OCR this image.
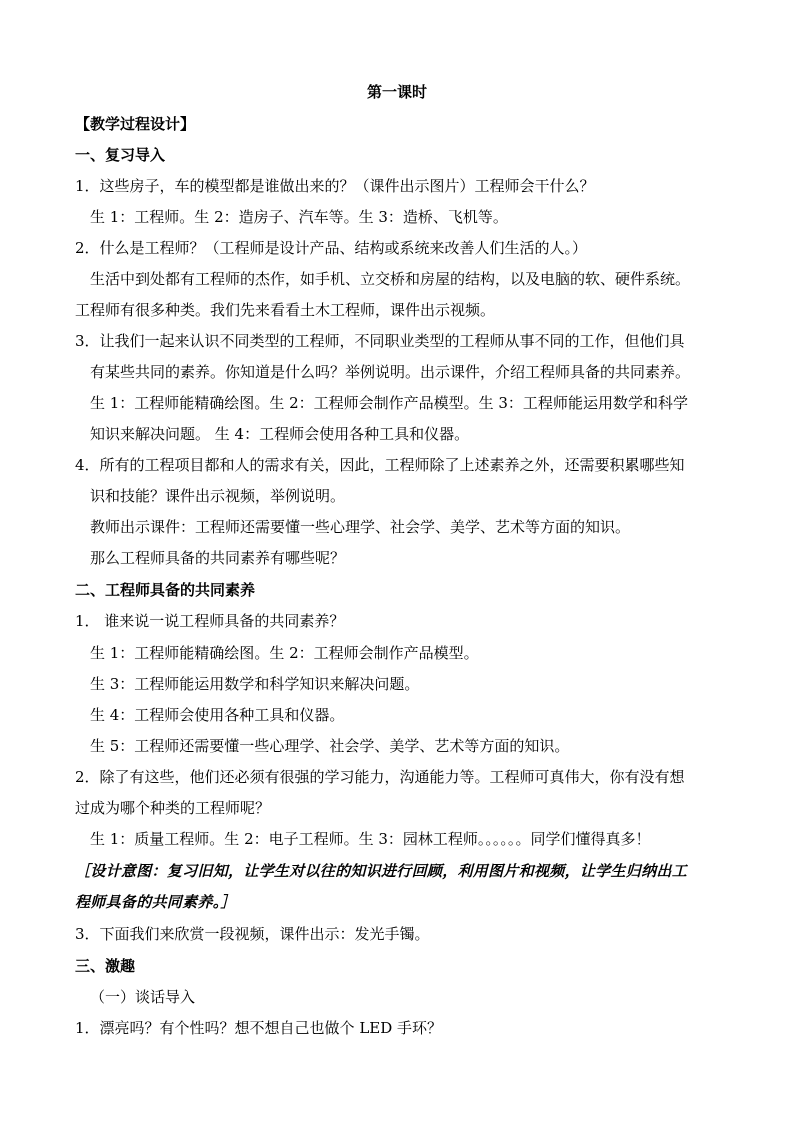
第一课时
【教学过程设计】
一、复习导入
1．这些房子，车的模型都是谁做出来的？（课件出示图片）工程师会干什么？
生 1：工程师。生 2：造房子、汽车等。生 3：造桥、飞机等。
2．什么是工程师？（工程师是设计产品、结构或系统来改善人们生活的人。）
生活中到处都有工程师的杰作，如手机、立交桥和房屋的结构，以及电脑的软、硬件系统。
工程师有很多种类。我们先来看看土木工程师，课件出示视频。
3．让我们一起来认识不同类型的工程师，不同职业类型的工程师从事不同的工作，但他们具
有某些共同的素养。你知道是什么吗？举例说明。出示课件，介绍工程师具备的共同素养。
生 1：工程师能精确绘图。生 2：工程师会制作产品模型。生 3：工程师能运用数学和科学
知识来解决问题。 生 4：工程师会使用各种工具和仪器。
4．所有的工程项目都和人的需求有关，因此，工程师除了上述素养之外，还需要积累哪些知
识和技能？课件出示视频，举例说明。
教师出示课件：工程师还需要懂一些心理学、社会学、美学、艺术等方面的知识。
那么工程师具备的共同素养有哪些呢？
二、工程师具备的共同素养
1． 谁来说一说工程师具备的共同素养？
生 1：工程师能精确绘图。生 2：工程师会制作产品模型。
生 3：工程师能运用数学和科学知识来解决问题。
生 4：工程师会使用各种工具和仪器。
生 5：工程师还需要懂一些心理学、社会学、美学、艺术等方面的知识。
2．除了有这些，他们还必须有很强的学习能力，沟通能力等。工程师可真伟大，你有没有想
过成为哪个种类的工程师呢？
生 1：质量工程师。生 2：电子工程师。生 3：园林工程师。。。。。。同学们懂得真多！
［设计意图：复习旧知，让学生对以往的知识进行回顾，利用图片和视频，让学生归纳出工
程师具备的共同素养。］
3．下面我们来欣赏一段视频，课件出示：发光手镯。
三、激趣
（一）谈话导入
1．漂亮吗？有个性吗？想不想自己也做个 LED 手环？
